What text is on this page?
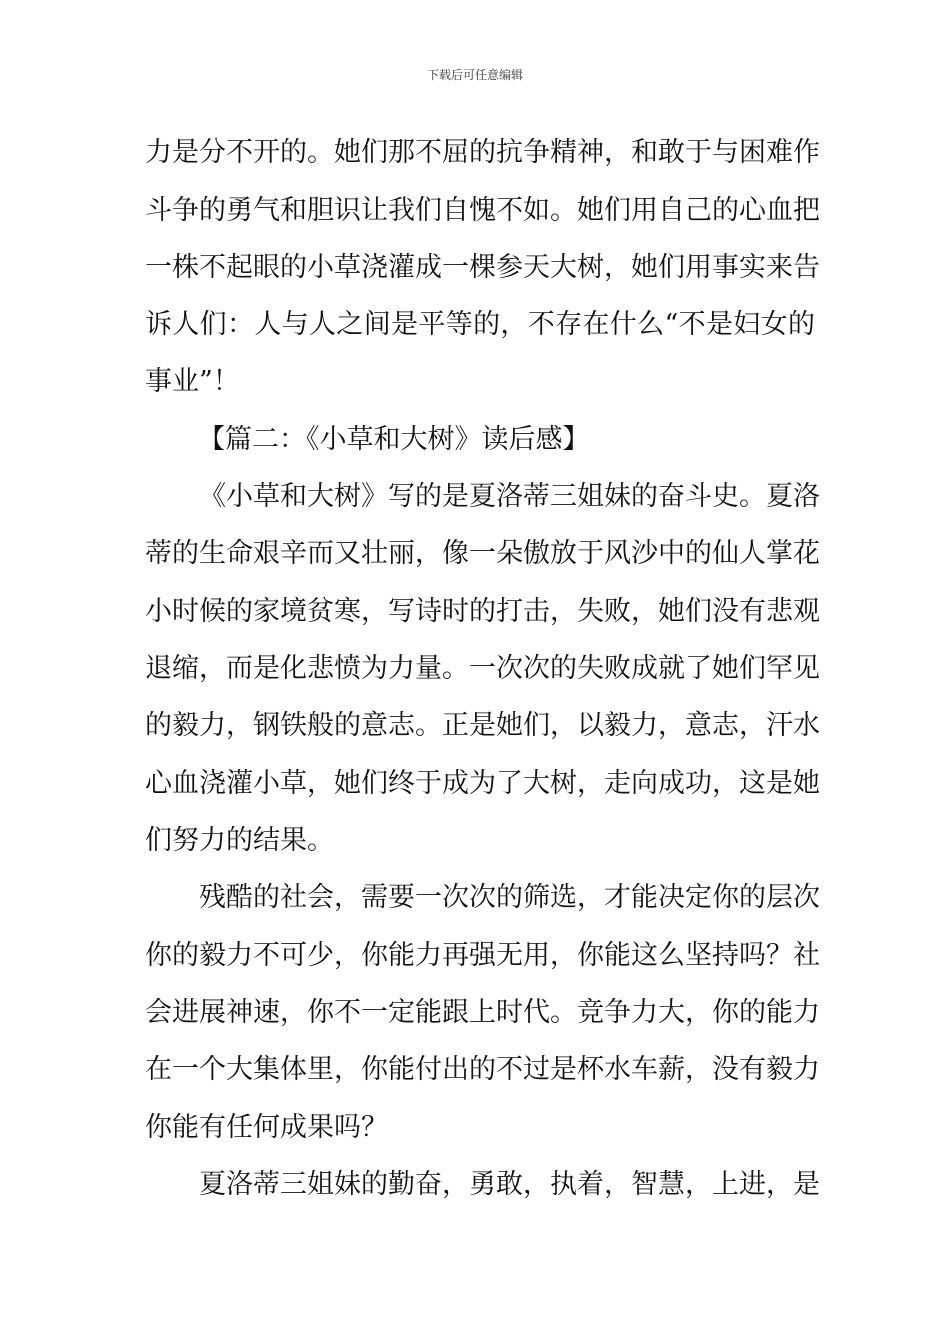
下载后可任意编辑
力是分不开的。她们那不屈的抗争精神，和敢于与困难作
斗争的勇气和胆识让我们自愧不如。她们用自己的心血把
一株不起眼的小草浇灌成一棵参天大树，她们用事实来告
诉人们：人与人之间是平等的，不存在什么“不是妇女的
事业”！
【篇二：《小草和大树》读后感】
《小草和大树》写的是夏洛蒂三姐妹的奋斗史。夏洛
蒂的生命艰辛而又壮丽，像一朵傲放于风沙中的仙人掌花
小时候的家境贫寒，写诗时的打击，失败，她们没有悲观
退缩，而是化悲愤为力量。一次次的失败成就了她们罕见
的毅力，钢铁般的意志。正是她们，以毅力，意志，汗水
心血浇灌小草，她们终于成为了大树，走向成功，这是她
们努力的结果。
残酷的社会，需要一次次的筛选，才能决定你的层次
你的毅力不可少，你能力再强无用，你能这么坚持吗？社
会进展神速，你不一定能跟上时代。竞争力大，你的能力
在一个大集体里，你能付出的不过是杯水车薪，没有毅力
你能有任何成果吗？
夏洛蒂三姐妹的勤奋，勇敢，执着，智慧，上进，是
